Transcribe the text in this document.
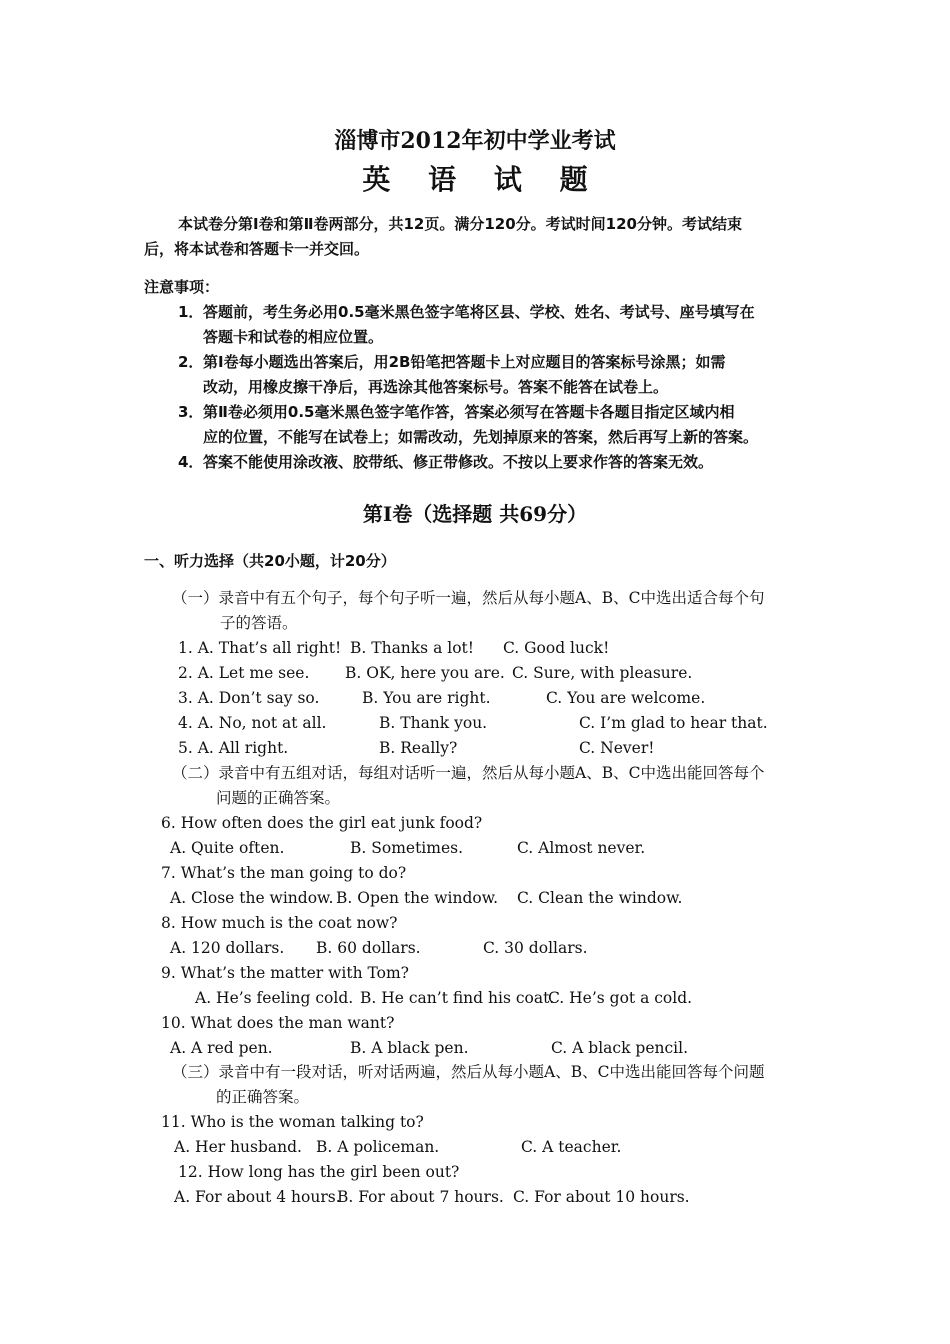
淄博市2012年初中学业考试
英 语 试 题
本试卷分第Ⅰ卷和第Ⅱ卷两部分，共12页。满分120分。考试时间120分钟。考试结束
后，将本试卷和答题卡一并交回。
注意事项：
1． 答题前，考生务必用0.5毫米黑色签字笔将区县、学校、姓名、考试号、座号填写在
答题卡和试卷的相应位置。
2． 第Ⅰ卷每小题选出答案后，用2B铅笔把答题卡上对应题目的答案标号涂黑；如需
改动，用橡皮擦干净后，再选涂其他答案标号。答案不能答在试卷上。
3． 第Ⅱ卷必须用0.5毫米黑色签字笔作答，答案必须写在答题卡各题目指定区域内相
应的位置，不能写在试卷上；如需改动，先划掉原来的答案，然后再写上新的答案。
4． 答案不能使用涂改液、胶带纸、修正带修改。不按以上要求作答的答案无效。
第Ⅰ卷（选择题 共69分）
一、听力选择（共20小题，计20分）
（一）录音中有五个句子，每个句子听一遍，然后从每小题A、B、C中选出适合每个句
子的答语。
1. A. That’s all right! B. Thanks a lot! C. Good luck!
2. A. Let me see. B. OK, here you are. C. Sure, with pleasure.
3. A. Don’t say so.	B. You are right.	C. You are welcome.
4. A. No, not at all.	B. Thank you.	C. I’m glad to hear that.
5. A. All right.	B. Really?	C. Never!
（二）录音中有五组对话，每组对话听一遍，然后从每小题A、B、C中选出能回答每个
问题的正确答案。
6. How often does the girl eat junk food?
A. Quite often.	B. Sometimes.	C. Almost never.
7. What’s the man going to do?
A. Close the window. B. Open the window. C. Clean the window.
8. How much is the coat now?
A. 120 dollars. B. 60 dollars.	C. 30 dollars.
9. What’s the matter with Tom?
A. He’s feeling cold. B. He can’t find his coat.
C. He’s got a cold.
10. What does the man want?
A. A red pen.	B. A black pen.	C. A black pencil.
（三）录音中有一段对话，听对话两遍，然后从每小题A、B、C中选出能回答每个问题
的正确答案。
11. Who is the woman talking to?
A. Her husband. B. A policeman.	C. A teacher.
12. How long has the girl been out?
A. For about 4 hours.
B. For about 7 hours. C. For about 10 hours.
